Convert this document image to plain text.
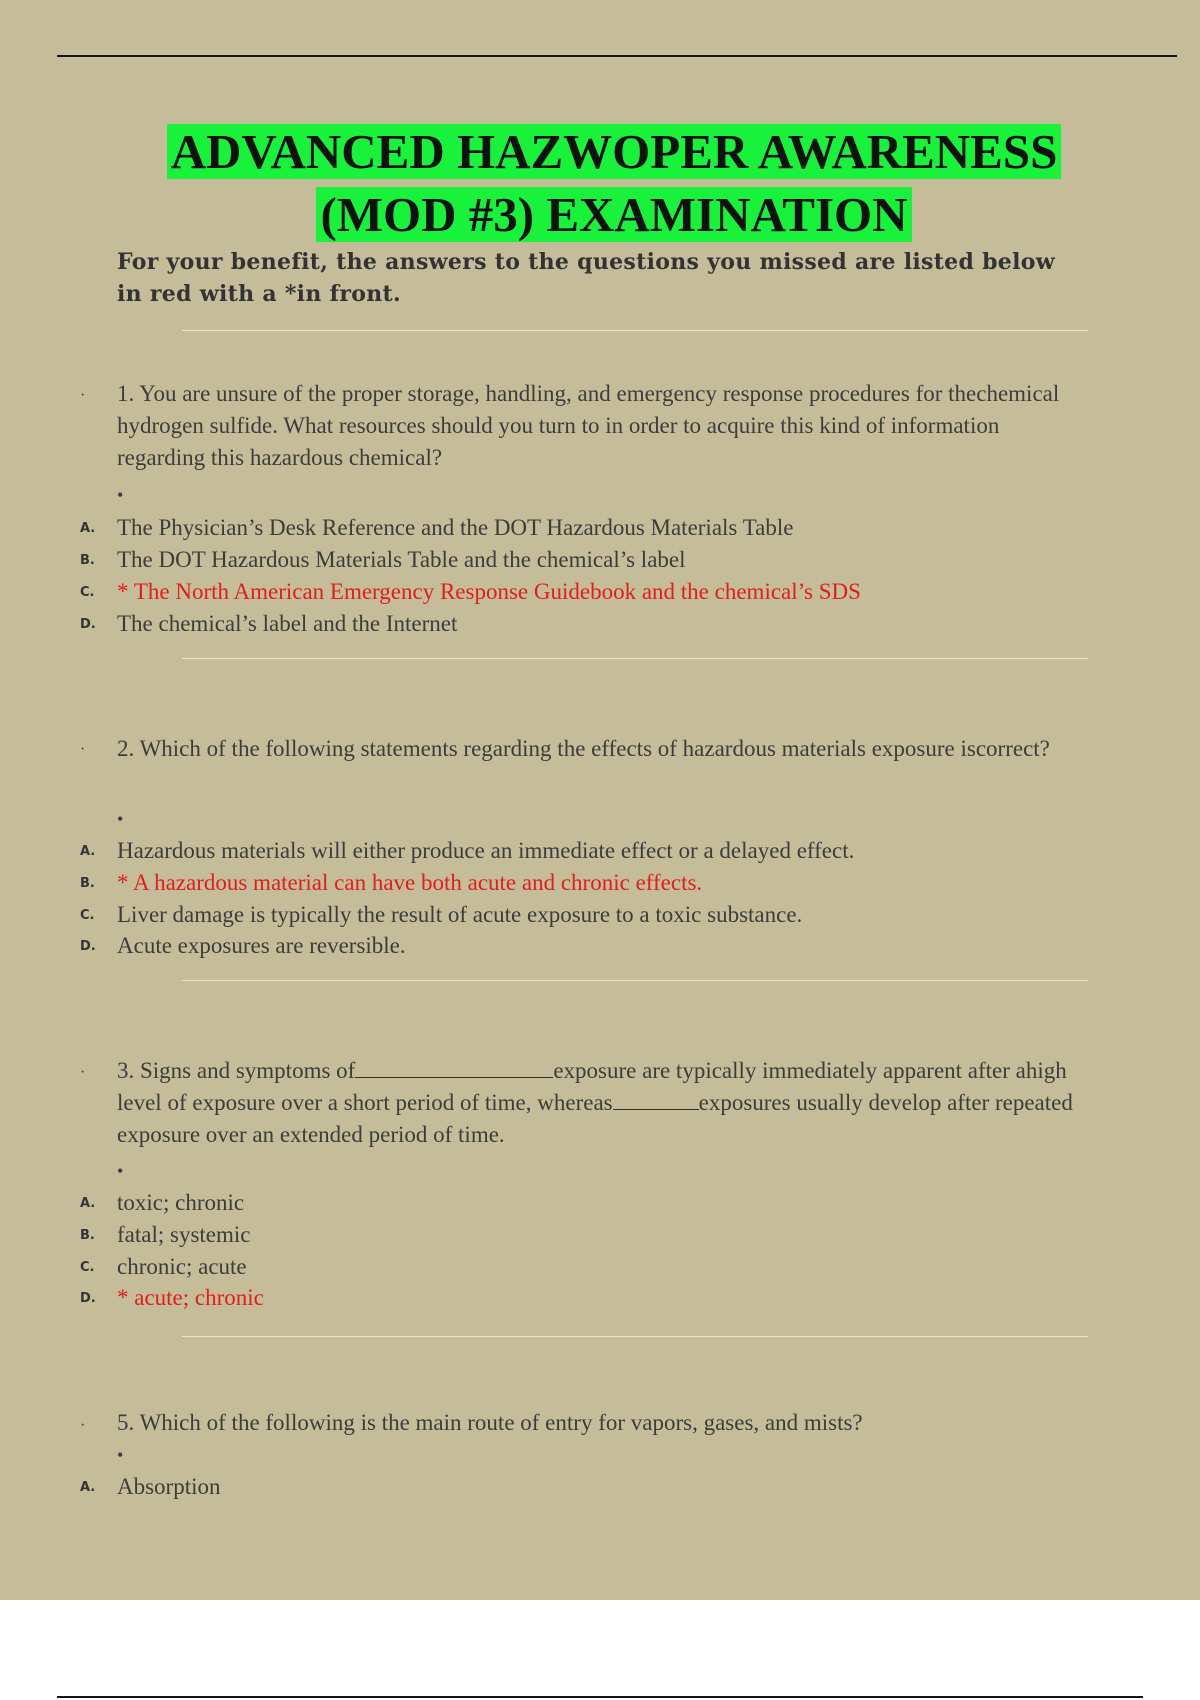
ADVANCED HAZWOPER AWARENESS
(MOD #3) EXAMINATION
For your benefit, the answers to the questions you missed are listed below in red with a *in front.
· 1. You are unsure of the proper storage, handling, and emergency response procedures for thechemical hydrogen sulfide. What resources should you turn to in order to acquire this kind of information regarding this hazardous chemical?
•
A. The Physician’s Desk Reference and the DOT Hazardous Materials Table
B. The DOT Hazardous Materials Table and the chemical’s label
C. * The North American Emergency Response Guidebook and the chemical’s SDS
D. The chemical’s label and the Internet
· 2. Which of the following statements regarding the effects of hazardous materials exposure iscorrect?
•
A. Hazardous materials will either produce an immediate effect or a delayed effect.
B. * A hazardous material can have both acute and chronic effects.
C. Liver damage is typically the result of acute exposure to a toxic substance.
D. Acute exposures are reversible.
· 3. Signs and symptoms of	exposure are typically immediately apparent after ahigh level of exposure over a short period of time, whereas	exposures usually develop after repeated exposure over an extended period of time.
•
A. toxic; chronic
B. fatal; systemic
C. chronic; acute
D. * acute; chronic
· 5. Which of the following is the main route of entry for vapors, gases, and mists?
•
A. Absorption
